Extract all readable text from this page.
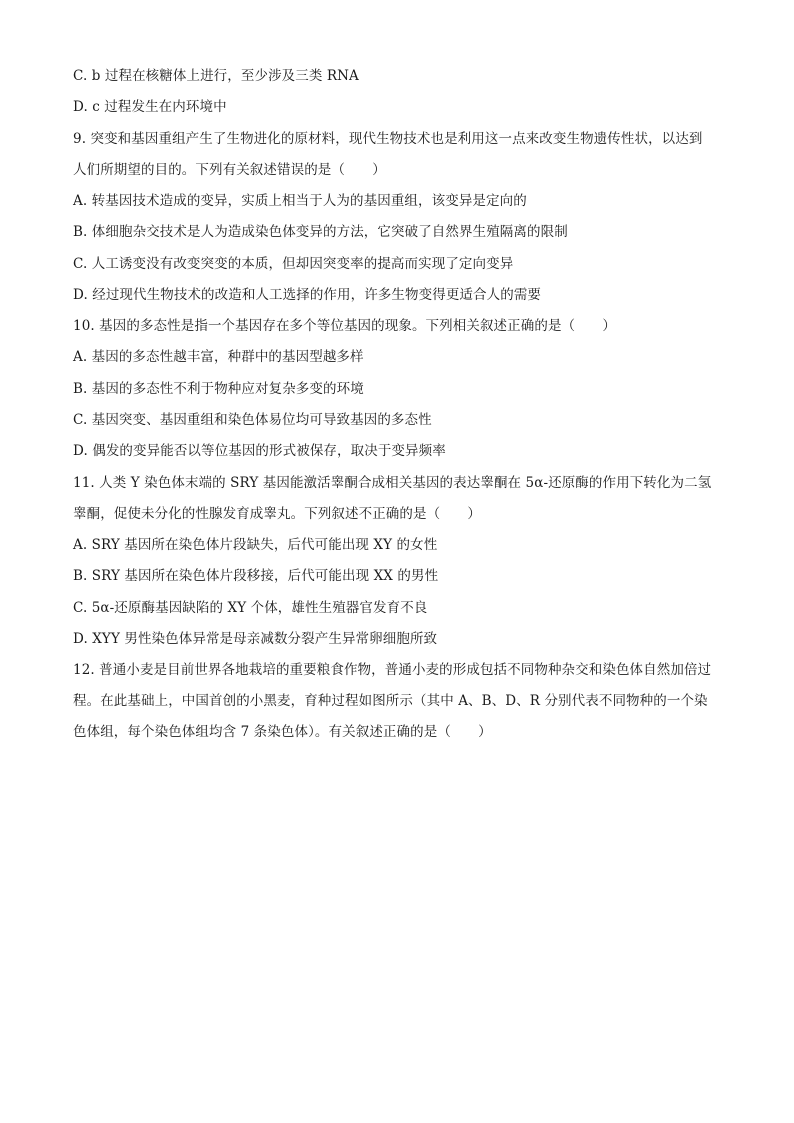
C. b 过程在核糖体上进行，至少涉及三类 RNA
D. c 过程发生在内环境中
9. 突变和基因重组产生了生物进化的原材料，现代生物技术也是利用这一点来改变生物遗传性状，以达到
人们所期望的目的。下列有关叙述错误的是（　　）
A. 转基因技术造成的变异，实质上相当于人为的基因重组，该变异是定向的
B. 体细胞杂交技术是人为造成染色体变异的方法，它突破了自然界生殖隔离的限制
C. 人工诱变没有改变突变的本质，但却因突变率的提高而实现了定向变异
D. 经过现代生物技术的改造和人工选择的作用，许多生物变得更适合人的需要
10. 基因的多态性是指一个基因存在多个等位基因的现象。下列相关叙述正确的是（　　）
A. 基因的多态性越丰富，种群中的基因型越多样
B. 基因的多态性不利于物种应对复杂多变的环境
C. 基因突变、基因重组和染色体易位均可导致基因的多态性
D. 偶发的变异能否以等位基因的形式被保存，取决于变异频率
11. 人类 Y 染色体末端的 SRY 基因能激活睾酮合成相关基因的表达睾酮在 5α-还原酶的作用下转化为二氢
睾酮，促使未分化的性腺发育成睾丸。下列叙述不正确的是（　　）
A. SRY 基因所在染色体片段缺失，后代可能出现 XY 的女性
B. SRY 基因所在染色体片段移接，后代可能出现 XX 的男性
C. 5α-还原酶基因缺陷的 XY 个体，雄性生殖器官发育不良
D. XYY 男性染色体异常是母亲减数分裂产生异常卵细胞所致
12. 普通小麦是目前世界各地栽培的重要粮食作物，普通小麦的形成包括不同物种杂交和染色体自然加倍过
程。在此基础上，中国首创的小黑麦，育种过程如图所示（其中 A、B、D、R 分别代表不同物种的一个染
色体组，每个染色体组均含 7 条染色体）。有关叙述正确的是（　　）
